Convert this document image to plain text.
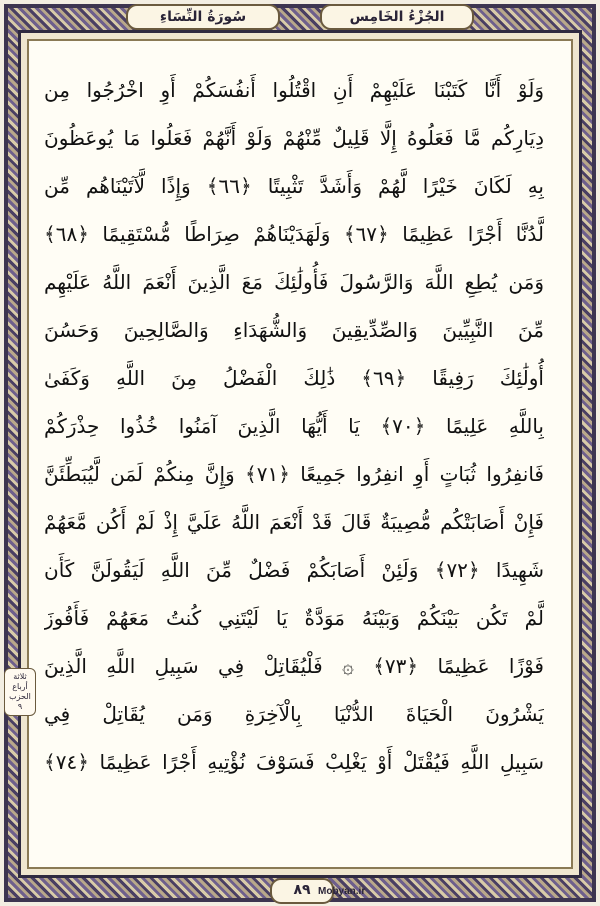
سُورَةُ النِّسَاءِ	الجُزْءُ الخَامِس
وَلَوْ أَنَّا كَتَبْنَا عَلَيْهِمْ أَنِ اقْتُلُوا أَنفُسَكُمْ أَوِ اخْرُجُوا مِن
دِيَارِكُم مَّا فَعَلُوهُ إِلَّا قَلِيلٌ مِّنْهُمْ وَلَوْ أَنَّهُمْ فَعَلُوا مَا يُوعَظُونَ
بِهِ لَكَانَ خَيْرًا لَّهُمْ وَأَشَدَّ تَثْبِيتًا ﴿٦٦﴾ وَإِذًا لَّآتَيْنَاهُم مِّن
لَّدُنَّا أَجْرًا عَظِيمًا ﴿٦٧﴾ وَلَهَدَيْنَاهُمْ صِرَاطًا مُّسْتَقِيمًا ﴿٦٨﴾
وَمَن يُطِعِ اللَّهَ وَالرَّسُولَ فَأُولَٰئِكَ مَعَ الَّذِينَ أَنْعَمَ اللَّهُ عَلَيْهِم
مِّنَ النَّبِيِّينَ وَالصِّدِّيقِينَ وَالشُّهَدَاءِ وَالصَّالِحِينَ وَحَسُنَ
أُولَٰئِكَ رَفِيقًا ﴿٦٩﴾ ذَٰلِكَ الْفَضْلُ مِنَ اللَّهِ وَكَفَىٰ
بِاللَّهِ عَلِيمًا ﴿٧٠﴾ يَا أَيُّهَا الَّذِينَ آمَنُوا خُذُوا حِذْرَكُمْ
فَانفِرُوا ثُبَاتٍ أَوِ انفِرُوا جَمِيعًا ﴿٧١﴾ وَإِنَّ مِنكُمْ لَمَن لَّيُبَطِّئَنَّ
فَإِنْ أَصَابَتْكُم مُّصِيبَةٌ قَالَ قَدْ أَنْعَمَ اللَّهُ عَلَيَّ إِذْ لَمْ أَكُن مَّعَهُمْ
شَهِيدًا ﴿٧٢﴾ وَلَئِنْ أَصَابَكُمْ فَضْلٌ مِّنَ اللَّهِ لَيَقُولَنَّ كَأَن
لَّمْ تَكُن بَيْنَكُمْ وَبَيْنَهُ مَوَدَّةٌ يَا لَيْتَنِي كُنتُ مَعَهُمْ فَأَفُوزَ
فَوْزًا عَظِيمًا ﴿٧٣﴾ ۞ فَلْيُقَاتِلْ فِي سَبِيلِ اللَّهِ الَّذِينَ
يَشْرُونَ الْحَيَاةَ الدُّنْيَا بِالْآخِرَةِ وَمَن يُقَاتِلْ فِي
سَبِيلِ اللَّهِ فَيُقْتَلْ أَوْ يَغْلِبْ فَسَوْفَ نُؤْتِيهِ أَجْرًا عَظِيمًا ﴿٧٤﴾
ثلاثة أرباع
الحزب
٩
٨٩ Mobyan.ir
